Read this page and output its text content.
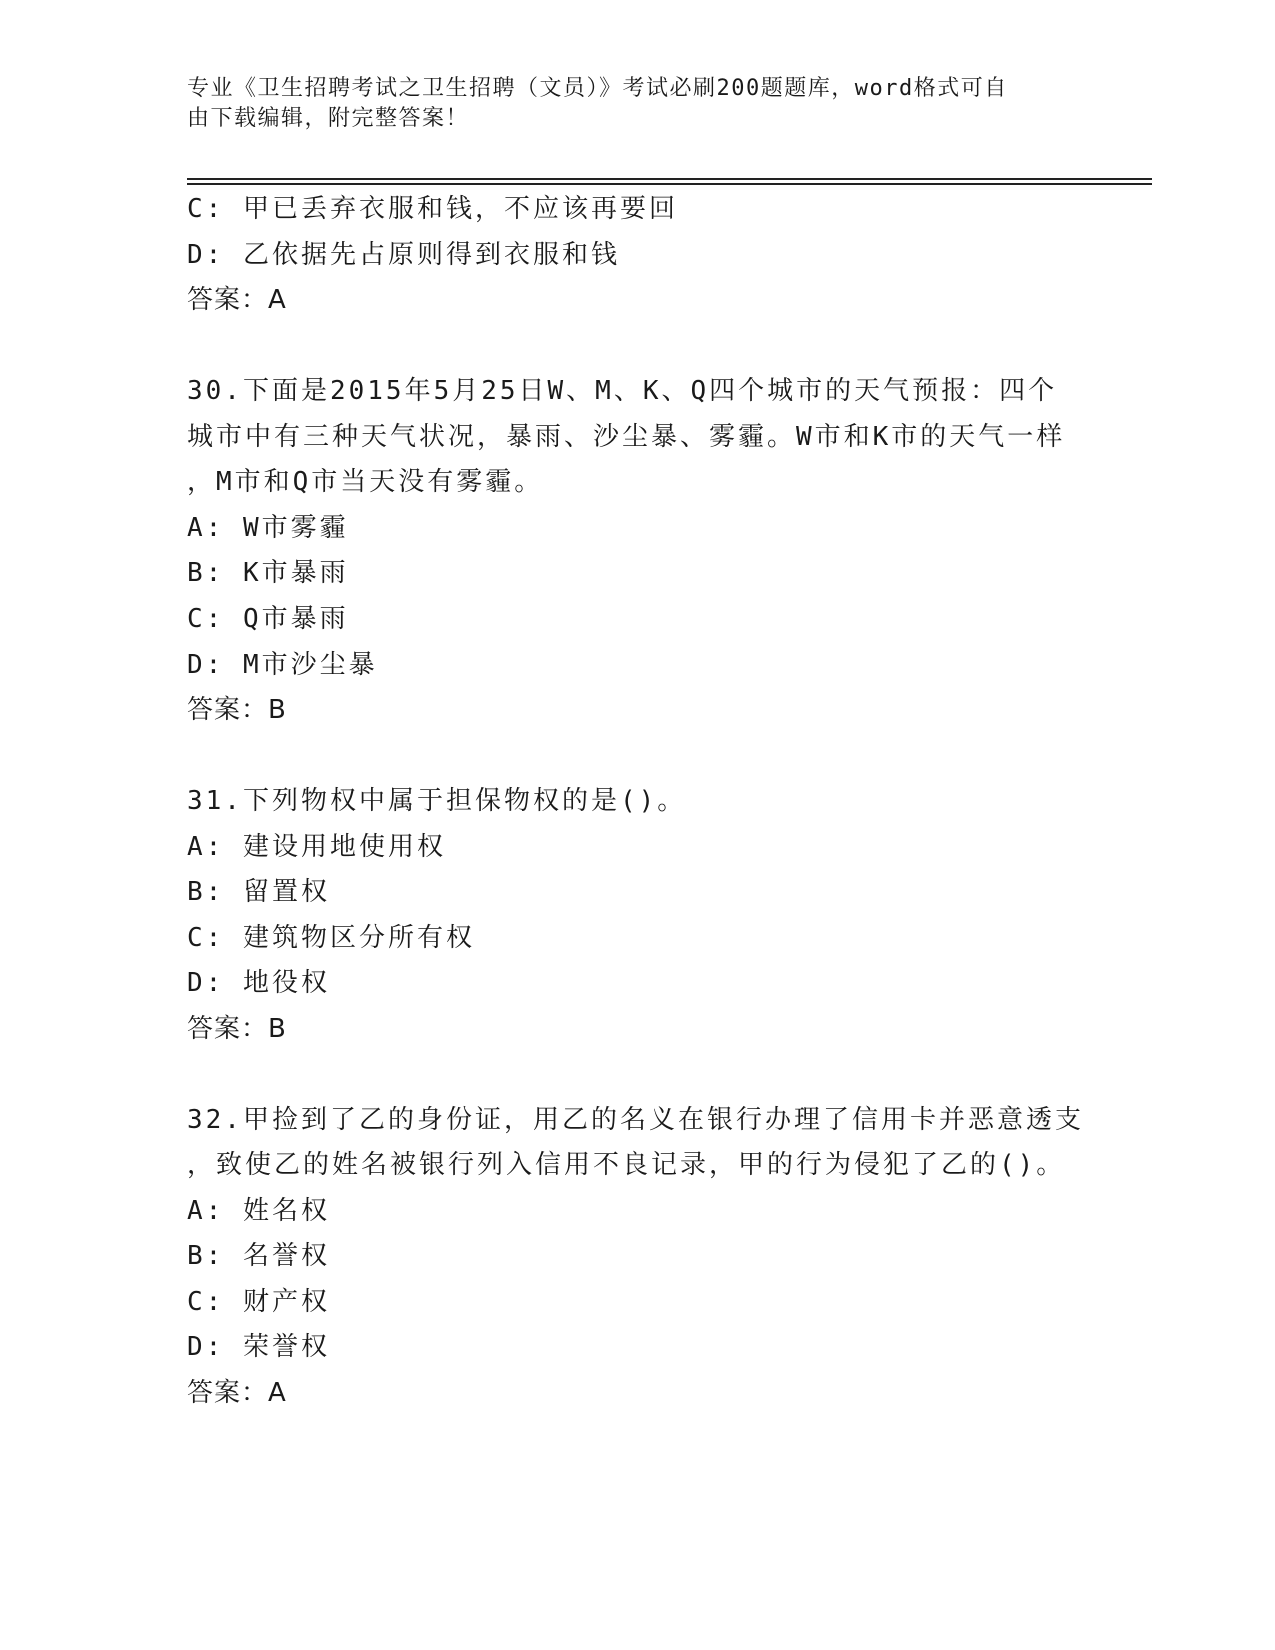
专业《卫生招聘考试之卫生招聘（文员）》考试必刷200题题库，word格式可自
由下载编辑，附完整答案！
C: 甲已丢弃衣服和钱，不应该再要回
D: 乙依据先占原则得到衣服和钱
答案：A
30.下面是2015年5月25日W、M、K、Q四个城市的天气预报：四个
城市中有三种天气状况，暴雨、沙尘暴、雾霾。W市和K市的天气一样
，M市和Q市当天没有雾霾。
A: W市雾霾
B: K市暴雨
C: Q市暴雨
D: M市沙尘暴
答案：B
31.下列物权中属于担保物权的是()。
A: 建设用地使用权
B: 留置权
C: 建筑物区分所有权
D: 地役权
答案：B
32.甲捡到了乙的身份证，用乙的名义在银行办理了信用卡并恶意透支
，致使乙的姓名被银行列入信用不良记录，甲的行为侵犯了乙的()。
A: 姓名权
B: 名誉权
C: 财产权
D: 荣誉权
答案：A
